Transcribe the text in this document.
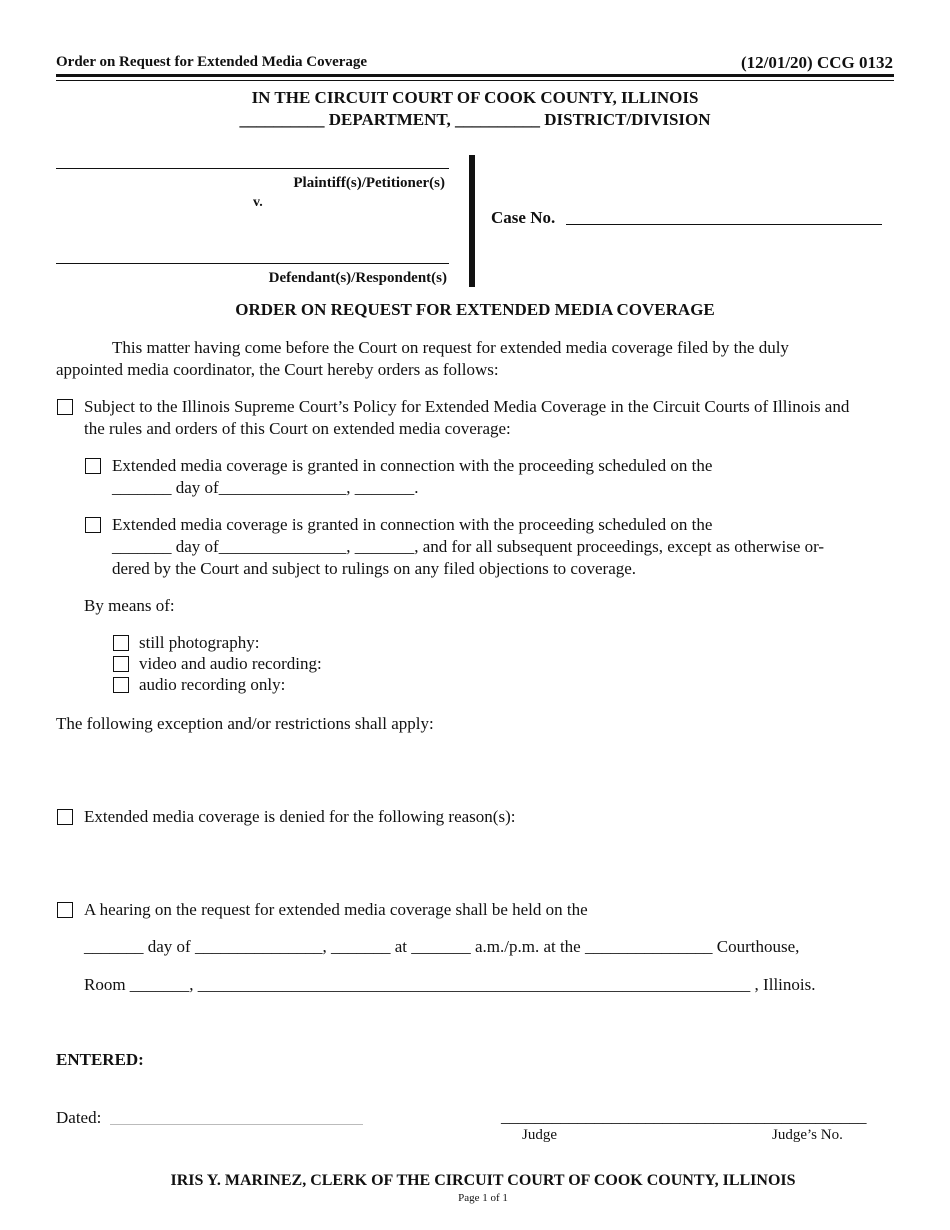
Order on Request for Extended Media Coverage	(12/01/20) CCG 0132
IN THE CIRCUIT COURT OF COOK COUNTY, ILLINOIS
__________ DEPARTMENT, __________ DISTRICT/DIVISION
Plaintiff(s)/Petitioner(s)
v.
Defendant(s)/Respondent(s)
Case No.
ORDER ON REQUEST FOR EXTENDED MEDIA COVERAGE
This matter having come before the Court on request for extended media coverage filed by the duly
appointed media coordinator, the Court hereby orders as follows:
Subject to the Illinois Supreme Court’s Policy for Extended Media Coverage in the Circuit Courts of Illinois and
the rules and orders of this Court on extended media coverage:
Extended media coverage is granted in connection with the proceeding scheduled on the
_______ day of_______________, _______.
Extended media coverage is granted in connection with the proceeding scheduled on the
_______ day of_______________, _______, and for all subsequent proceedings, except as otherwise or-
dered by the Court and subject to rulings on any filed objections to coverage.
By means of:
still photography:
video and audio recording:
audio recording only:
The following exception and/or restrictions shall apply:
Extended media coverage is denied for the following reason(s):
A hearing on the request for extended media coverage shall be held on the
_______ day of _______________, _______ at _______ a.m./p.m. at the _______________ Courthouse,
Room _______, _________________________________________________________________ , Illinois.
ENTERED:
Dated:	___________________________________________
Judge	Judge’s No.
IRIS Y. MARINEZ, CLERK OF THE CIRCUIT COURT OF COOK COUNTY, ILLINOIS
Page 1 of 1
